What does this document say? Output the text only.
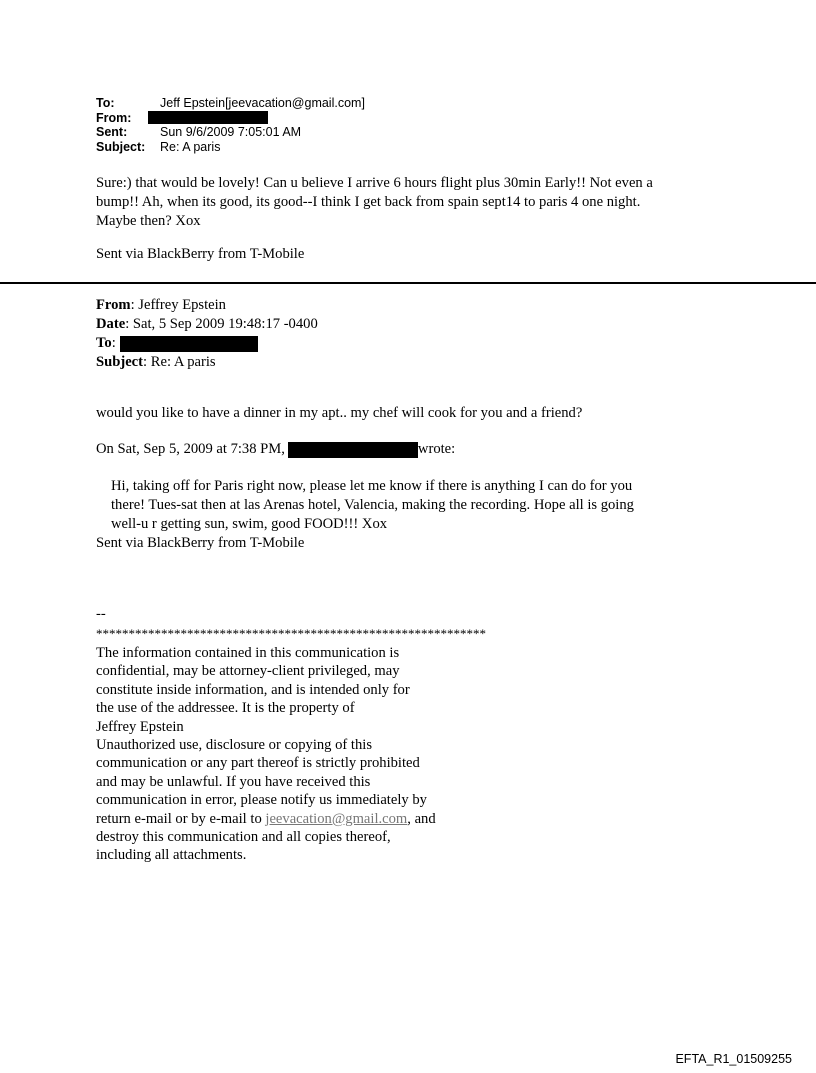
To:	Jeff Epstein[jeevacation@gmail.com]
From:
Sent:	Sun 9/6/2009 7:05:01 AM
Subject:	Re: A paris
Sure:) that would be lovely! Can u believe I arrive 6 hours flight plus 30min Early!! Not even a
bump!! Ah, when its good, its good--I think I get back from spain sept14 to paris 4 one night.
Maybe then? Xox
Sent via BlackBerry from T-Mobile
From : Jeffrey Epstein
Date : Sat, 5 Sep 2009 19:48:17 -0400
To :
Subject : Re: A paris
would you like to have a dinner in my apt.. my chef will cook for you and a friend?
On Sat, Sep 5, 2009 at 7:38 PM,	wrote:
Hi, taking off for Paris right now, please let me know if there is anything I can do for you
there! Tues-sat then at las Arenas hotel, Valencia, making the recording. Hope all is going
well-u r getting sun, swim, good FOOD!!! Xox
Sent via BlackBerry from T-Mobile
--
************************************************************
The information contained in this communication is
confidential, may be attorney-client privileged, may
constitute inside information, and is intended only for
the use of the addressee. It is the property of
Jeffrey Epstein
Unauthorized use, disclosure or copying of this
communication or any part thereof is strictly prohibited
and may be unlawful. If you have received this
communication in error, please notify us immediately by
return e-mail or by e-mail to jeevacation@gmail.com, and
destroy this communication and all copies thereof,
including all attachments.
EFTA_R1_01509255
